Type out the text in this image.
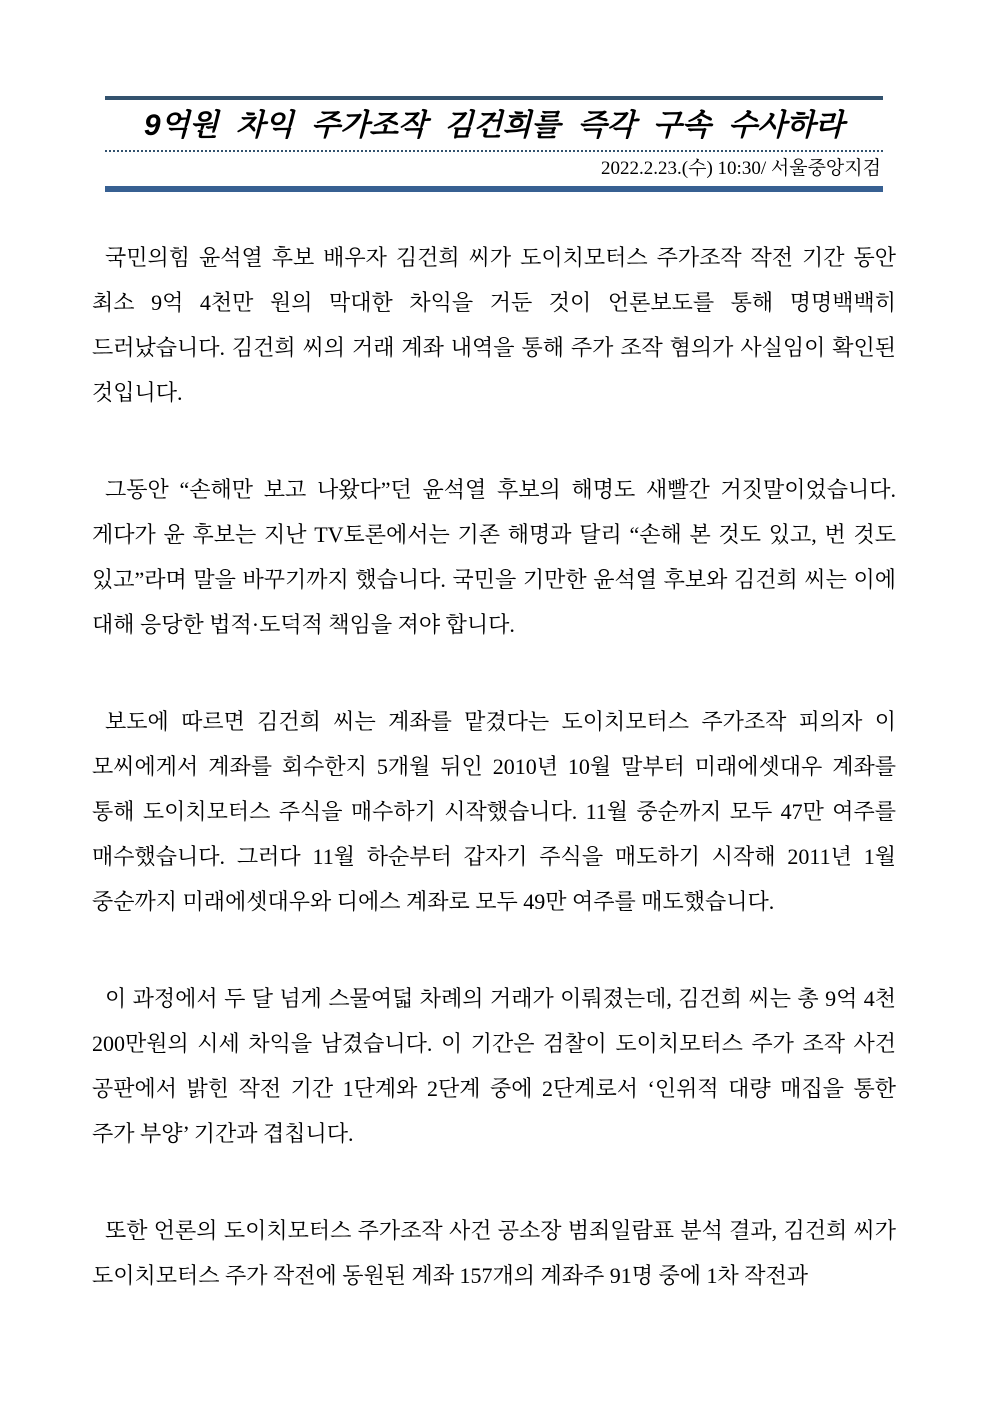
9억원 차익 주가조작 김건희를 즉각 구속 수사하라
2022.2.23.(수) 10:30/ 서울중앙지검

국민의힘 윤석열 후보 배우자 김건희 씨가 도이치모터스 주가조작 작전 기간 동안 최소 9억 4천만 원의 막대한 차익을 거둔 것이 언론보도를 통해 명명백백히 드러났습니다. 김건희 씨의 거래 계좌 내역을 통해 주가 조작 혐의가 사실임이 확인된 것입니다.

그동안 “손해만 보고 나왔다”던 윤석열 후보의 해명도 새빨간 거짓말이었습니다. 게다가 윤 후보는 지난 TV토론에서는 기존 해명과 달리 “손해 본 것도 있고, 번 것도 있고”라며 말을 바꾸기까지 했습니다. 국민을 기만한 윤석열 후보와 김건희 씨는 이에 대해 응당한 법적·도덕적 책임을 져야 합니다.

보도에 따르면 김건희 씨는 계좌를 맡겼다는 도이치모터스 주가조작 피의자 이 모씨에게서 계좌를 회수한지 5개월 뒤인 2010년 10월 말부터 미래에셋대우 계좌를 통해 도이치모터스 주식을 매수하기 시작했습니다. 11월 중순까지 모두 47만 여주를 매수했습니다. 그러다 11월 하순부터 갑자기 주식을 매도하기 시작해 2011년 1월 중순까지 미래에셋대우와 디에스 계좌로 모두 49만 여주를 매도했습니다.

이 과정에서 두 달 넘게 스물여덟 차례의 거래가 이뤄졌는데, 김건희 씨는 총 9억 4천 200만원의 시세 차익을 남겼습니다. 이 기간은 검찰이 도이치모터스 주가 조작 사건 공판에서 밝힌 작전 기간 1단계와 2단계 중에 2단계로서 ‘인위적 대량 매집을 통한 주가 부양’ 기간과 겹칩니다.

또한 언론의 도이치모터스 주가조작 사건 공소장 범죄일람표 분석 결과, 김건희 씨가 도이치모터스 주가 작전에 동원된 계좌 157개의 계좌주 91명 중에 1차 작전과
